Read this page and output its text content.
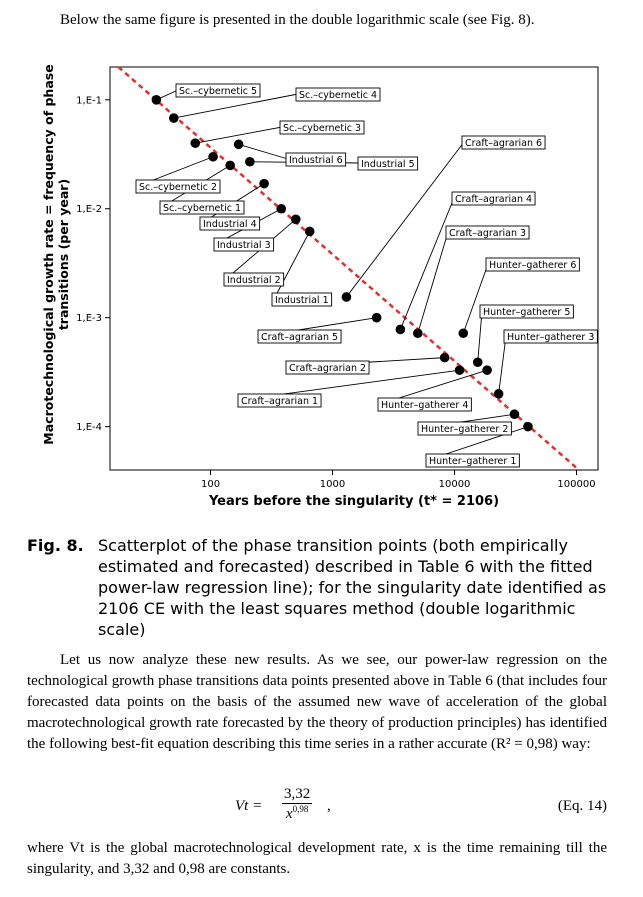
Below the same figure is presented in the double logarithmic scale (see Fig. 8).

100	1000	10000	100000
1,E-1
1,E-2
1,E-3
1,E-4
Years before the singularity (t* = 2106)
Macrotechnological growth rate = frequency of phase transitions (per year)
Sc.–cybernetic 5	Sc.–cybernetic 4
Sc.–cybernetic 3
Industrial 6 Industrial 5
Sc.–cybernetic 2
Sc.–cybernetic 1
Industrial 4
Industrial 3
Industrial 2
Industrial 1
Craft–agrarian 6
Craft–agrarian 4
Craft–agrarian 3
Hunter–gatherer 6
Hunter–gatherer 5
Hunter–gatherer 3
Craft–agrarian 5
Craft–agrarian 2
Craft–agrarian 1	Hunter–gatherer 4
Hunter–gatherer 2
Hunter–gatherer 1
Fig. 8. Scatterplot of the phase transition points (both empirically estimated and forecasted) described in Table 6 with the fitted power-law regression line); for the singularity date identified as 2106 CE with the least squares method (double logarithmic scale)

Let us now analyze these new results. As we see, our power-law regression on the technological growth phase transitions data points presented above in Table 6 (that includes four forecasted data points on the basis of the assumed new wave of acceleration of the global macrotechnological growth rate forecasted by the theory of production principles) has identified the following best-fit equation describing this time series in a rather accurate (R² = 0,98) way:

$Vt = \frac{3,32}{x^{0,98}}$ ,	(Eq. 14)

where Vt is the global macrotechnological development rate, x is the time remaining till the singularity, and 3,32 and 0,98 are constants.
